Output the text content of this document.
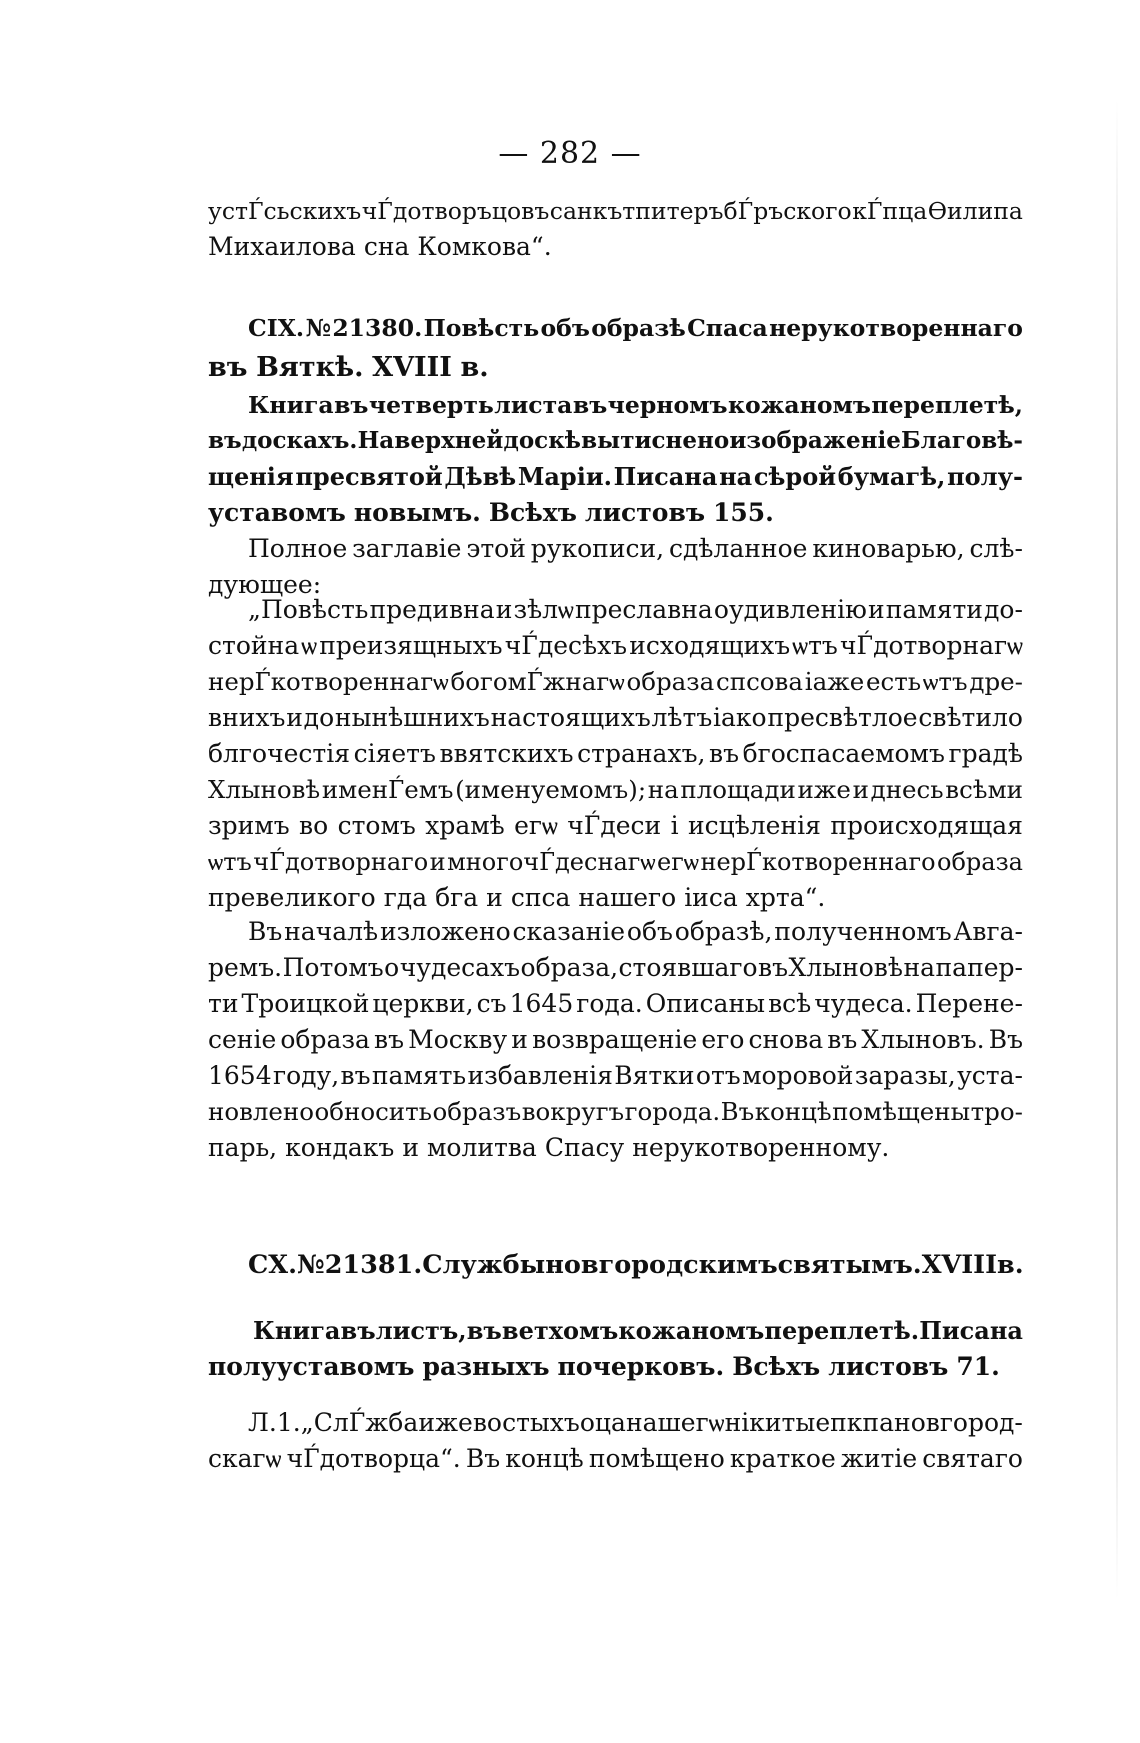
— 282 —
устЃсьскихъ чЃдотворъцовъ санкътпитеръбЃръского кЃпца Өилипа
Михаилова сна Комкова“.
CIX. № 21380. Повѣсть объ образѣ Спаса нерукотвореннаго
въ Вяткѣ. XVIII в.
Книга въ четверть листа въ черномъ кожаномъ переплетѣ,
въ доскахъ. На верхней доскѣ вытиснено изображеніе Благовѣ-
щенія пресвятой Дѣвѣ Маріи. Писана на сѣрой бумагѣ, полу-
уставомъ новымъ. Всѣхъ листовъ 155.
Полное заглавіе этой рукописи, сдѣланное киноварью, слѣ-
дующее:
„Повѣсть предивна и зѣлѡ преславна оудивленію и памяти до-
стойна ѡ преизящныхъ чЃдесѣхъ исходящихъ ѡтъ чЃдотворнагѡ
нерЃкотвореннагѡ богомЃжнагѡ образа спсова іаже есть ѡтъ дре-
внихъ и до нынѣшнихъ настоящихъ лѣтъ іако пресвѣтлое свѣтило
блгочестія сіяетъ ввятскихъ странахъ, въ бгоспасаемомъ градѣ
Хлыновѣ именЃемъ (именуемомъ); на площади иже и днесь всѣми
зримъ во стомъ храмѣ егѡ чЃдеси і исцѣленія происходящая
ѡтъ чЃдотворнаго и многочЃдеснагѡ егѡ нерЃкотвореннаго образа
превеликого гда бга и спса нашего іиса хрта“.
Въ началѣ изложено сказаніе объ образѣ, полученномъ Авга-
ремъ. Потомъ о чудесахъ образа, стоявшаго въ Хлыновѣ на папер-
ти Троицкой церкви, съ 1645 года. Описаны всѣ чудеса. Перене-
сеніе образа въ Москву и возвращеніе его снова въ Хлыновъ. Въ
1654 году, въ память избавленія Вятки отъ моровой заразы, уста-
новлено обносить образъ вокругъ города. Въ концѣ помѣщены тро-
парь, кондакъ и молитва Спасу нерукотворенному.
CX. № 21381. Службы новгородскимъ святымъ. XVIII в.
Книга въ листъ, въ ветхомъ кожаномъ переплетѣ. Писана
полууставомъ разныхъ почерковъ. Всѣхъ листовъ 71.
Л. 1. „СлЃжба иже во стыхъ оца нашегѡ нікиты епкпа новгород-
скагѡ чЃдотворца“. Въ концѣ помѣщено краткое житіе святаго
